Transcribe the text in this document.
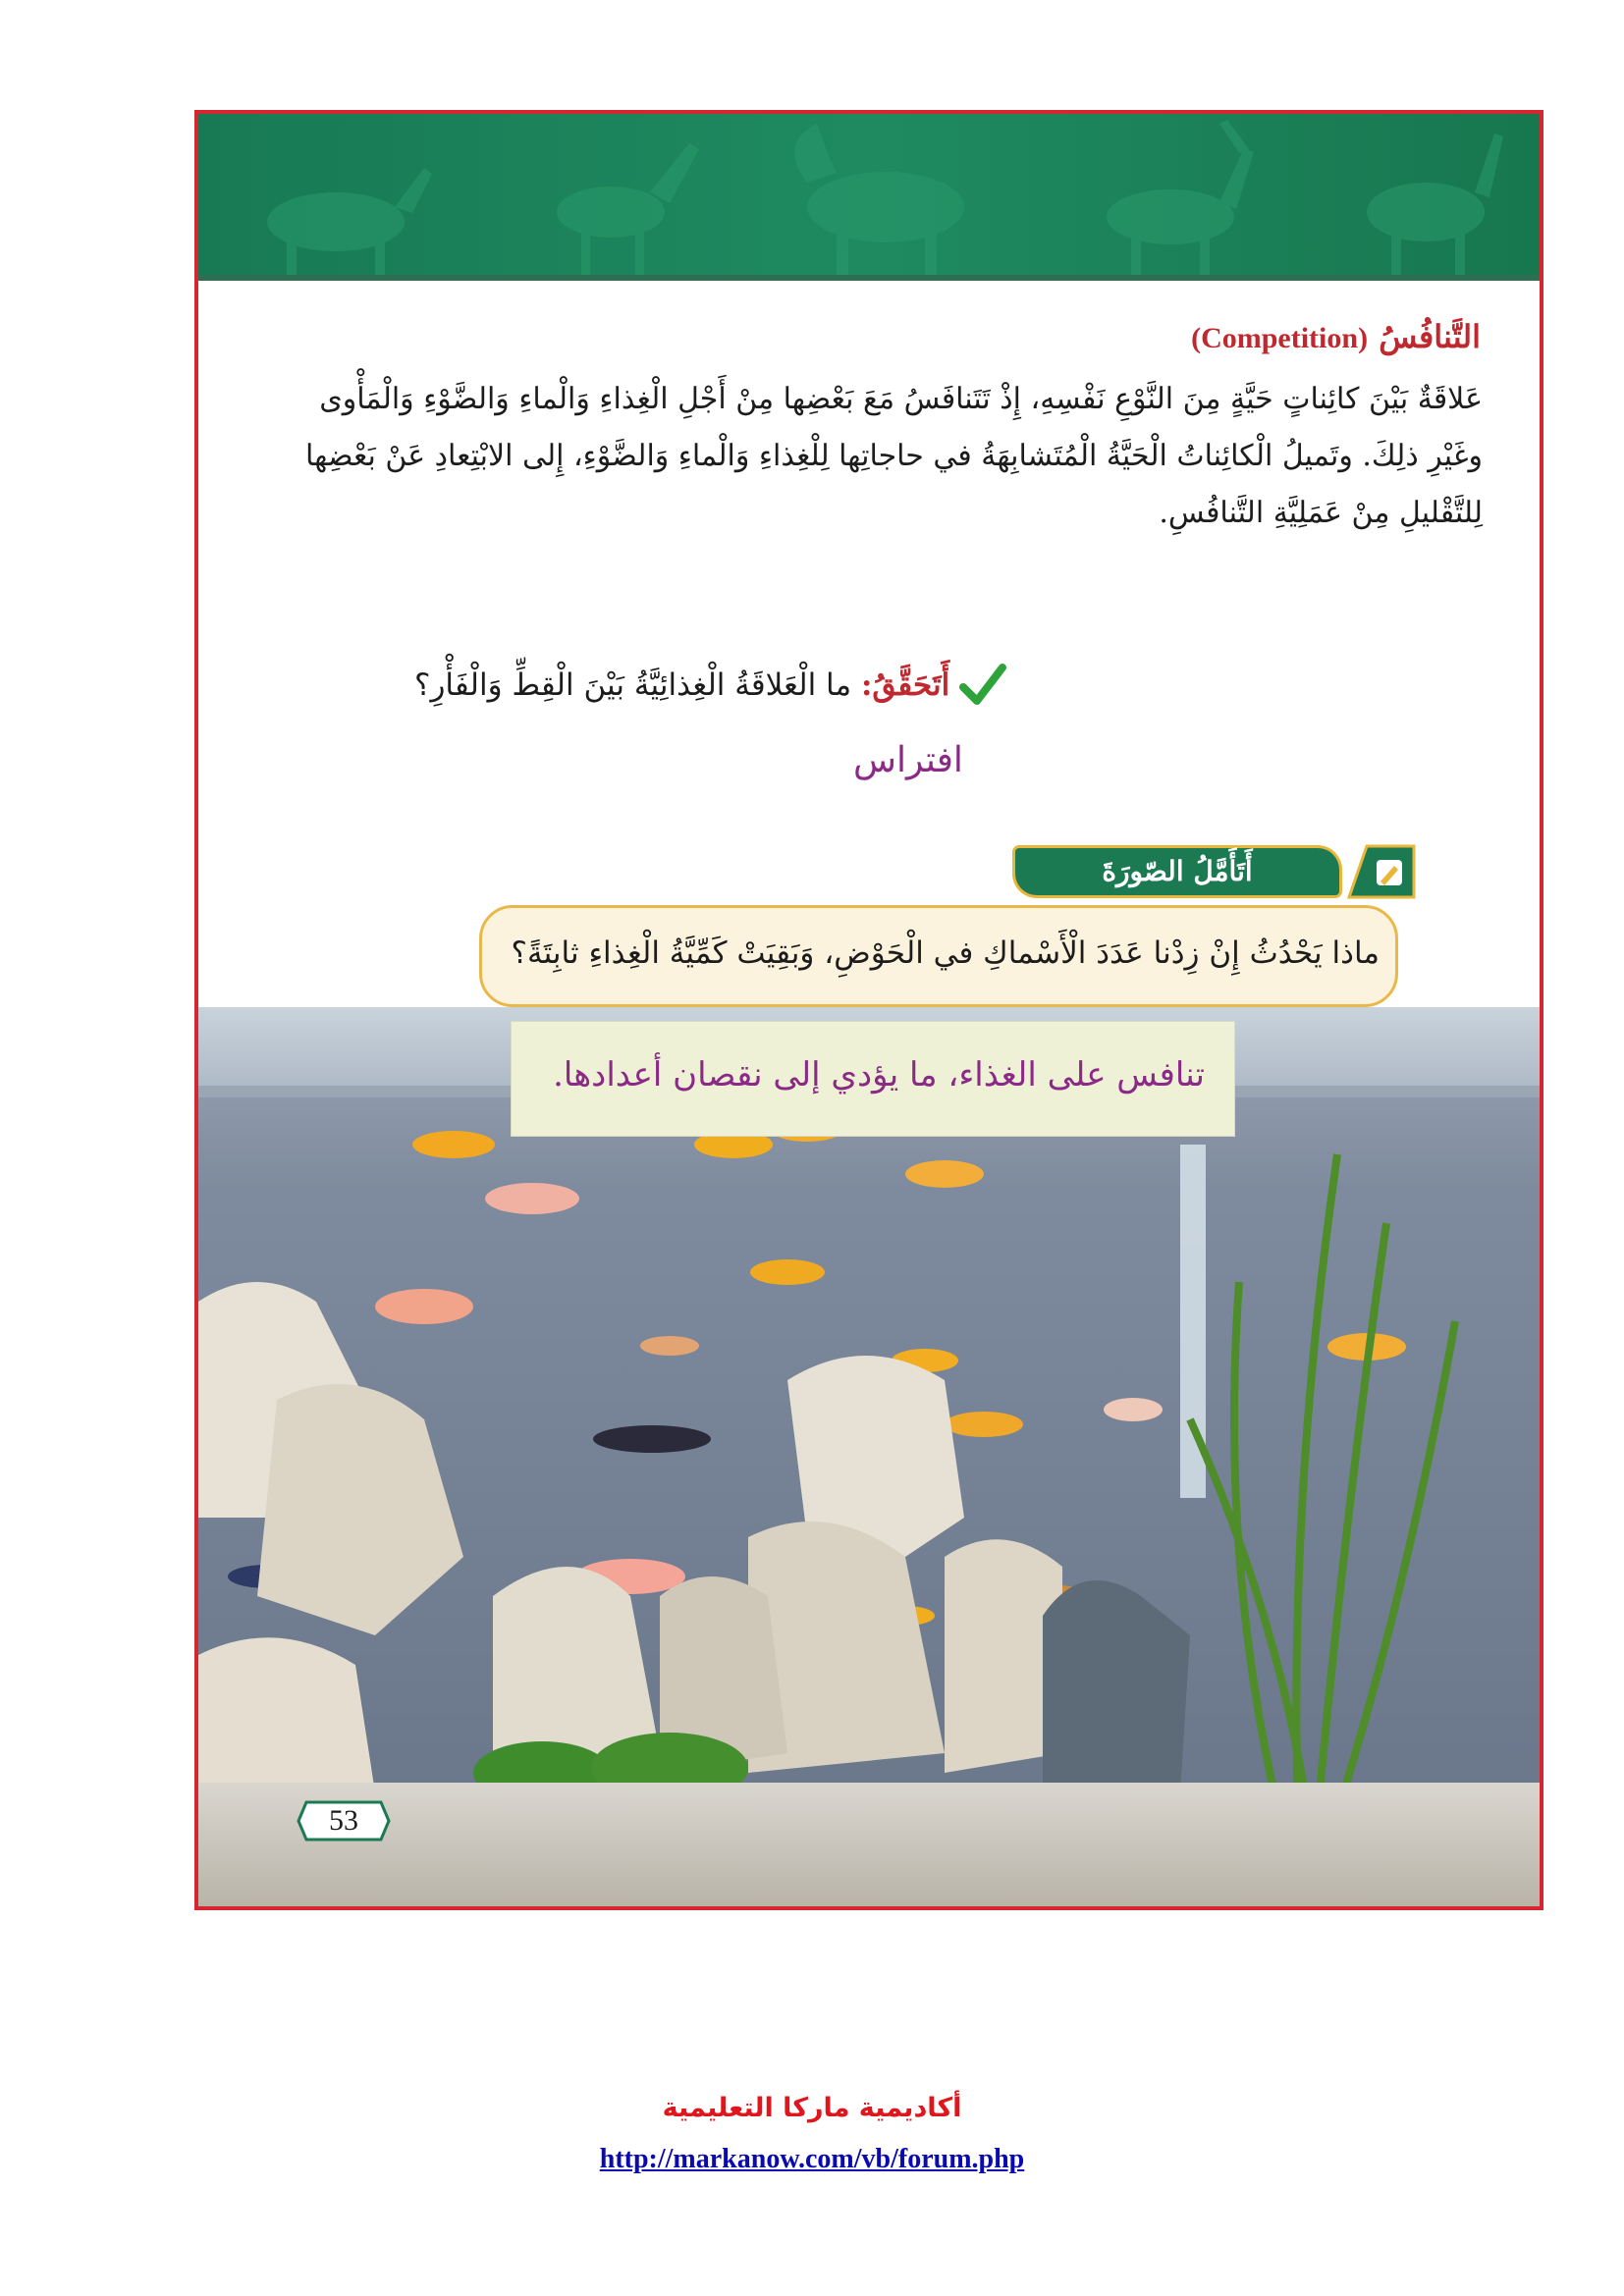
التَّنافُسُ (Competition)
عَلاقَةٌ بَيْنَ كائِناتٍ حَيَّةٍ مِنَ النَّوْعِ نَفْسِهِ، إِذْ تَتَنافَسُ مَعَ بَعْضِها مِنْ أَجْلِ الْغِذاءِ وَالْماءِ وَالضَّوْءِ وَالْمَأْوى وغَيْرِ ذلِكَ. وتَميلُ الْكائِناتُ الْحَيَّةُ الْمُتَشابِهَةُ في حاجاتِها لِلْغِذاءِ وَالْماءِ وَالضَّوْءِ، إِلى الابْتِعادِ عَنْ بَعْضِها لِلتَّقْليلِ مِنْ عَمَلِيَّةِ التَّنافُسِ.
أَتَحَقَّقُ: ما الْعَلاقَةُ الْغِذائِيَّةُ بَيْنَ الْقِطِّ وَالْفَأْرِ؟
افتراس
أَتَأَمَّلُ الصّورَةَ
ماذا يَحْدُثُ إِنْ زِدْنا عَدَدَ الْأَسْماكِ في الْحَوْضِ، وَبَقِيَتْ كَمِّيَّةُ الْغِذاءِ ثابِتَةً؟
تنافس على الغذاء، ما يؤدي إلى نقصان أعدادها.
53
أكاديمية ماركا التعليمية
http://markanow.com/vb/forum.php
